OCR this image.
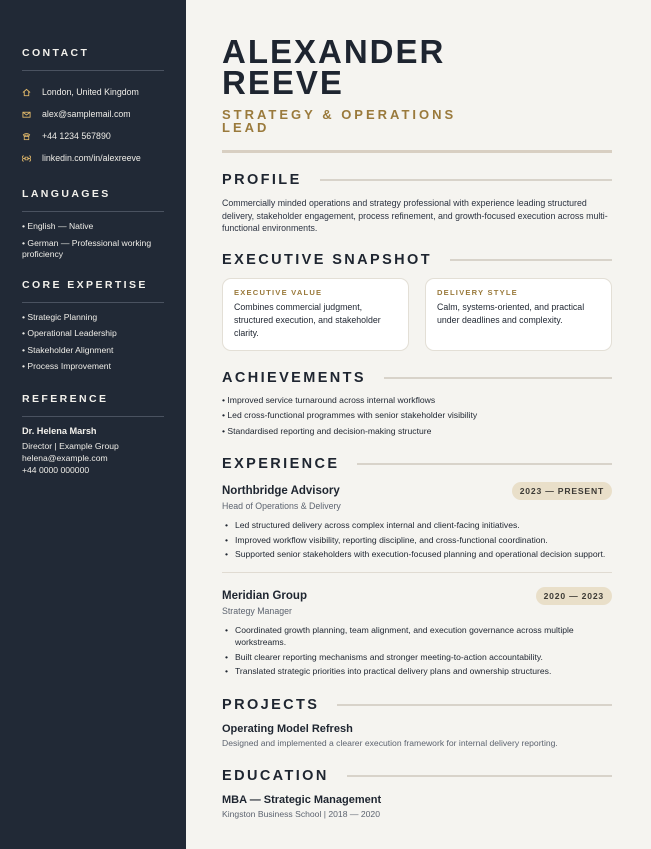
CONTACT
London, United Kingdom
alex@samplemail.com
+44 1234 567890
linkedin.com/in/alexreeve
LANGUAGES
• English — Native
• German — Professional working proficiency
CORE EXPERTISE
• Strategic Planning
• Operational Leadership
• Stakeholder Alignment
• Process Improvement
REFERENCE
Dr. Helena Marsh
Director | Example Group
helena@example.com
+44 0000 000000
ALEXANDER
REEVE
STRATEGY & OPERATIONS LEAD
PROFILE

Commercially minded operations and strategy professional with experience leading structured delivery, stakeholder engagement, process refinement, and growth-focused execution across multi-functional environments.

EXECUTIVE SNAPSHOT
EXECUTIVE VALUE
Combines commercial judgment, structured execution, and stakeholder clarity.
DELIVERY STYLE
Calm, systems-oriented, and practical under deadlines and complexity.
ACHIEVEMENTS
• Improved service turnaround across internal workflows
• Led cross-functional programmes with senior stakeholder visibility
• Standardised reporting and decision-making structure
EXPERIENCE
Northbridge Advisory	2023 — PRESENT
Head of Operations & Delivery
• Led structured delivery across complex internal and client-facing initiatives.
• Improved workflow visibility, reporting discipline, and cross-functional coordination.
• Supported senior stakeholders with execution-focused planning and operational decision support.
Meridian Group	2020 — 2023
Strategy Manager
• Coordinated growth planning, team alignment, and execution governance across multiple workstreams.
• Built clearer reporting mechanisms and stronger meeting-to-action accountability.
• Translated strategic priorities into practical delivery plans and ownership structures.
PROJECTS
Operating Model Refresh
Designed and implemented a clearer execution framework for internal delivery reporting.
EDUCATION
MBA — Strategic Management
Kingston Business School | 2018 — 2020
